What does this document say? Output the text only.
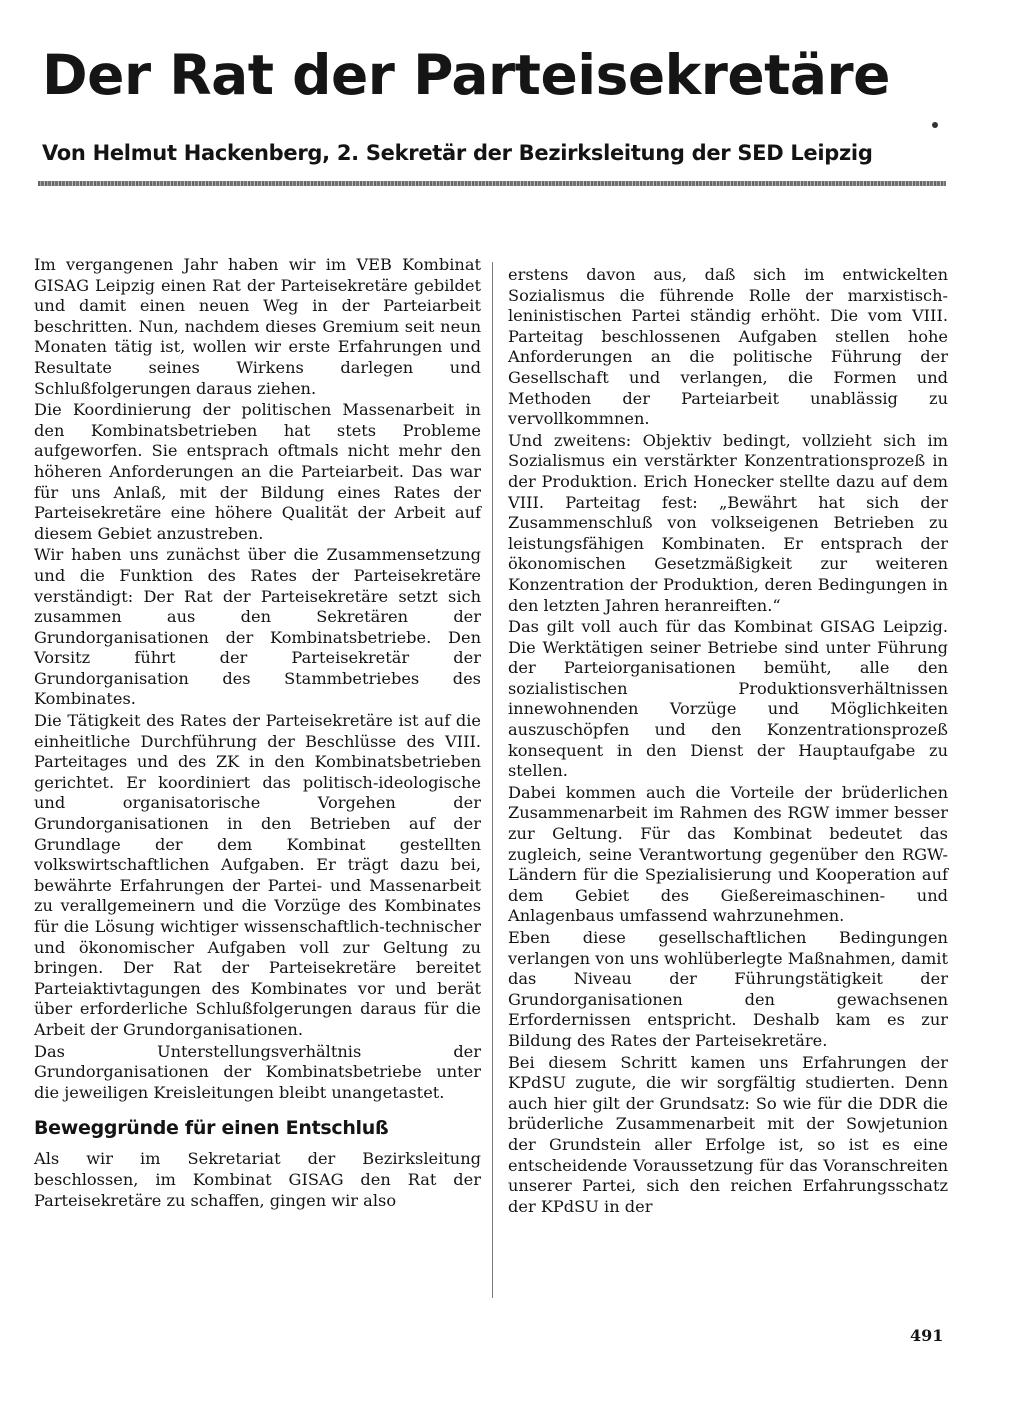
Der Rat der Parteisekretäre
Von Helmut Hackenberg, 2. Sekretär der Bezirksleitung der SED Leipzig

Im vergangenen Jahr haben wir im VEB Kombinat GISAG Leipzig einen Rat der Parteisekretäre gebildet und damit einen neuen Weg in der Parteiarbeit beschritten. Nun, nachdem dieses Gremium seit neun Monaten tätig ist, wollen wir erste Erfahrungen und Resultate seines Wirkens darlegen und Schlußfolgerungen daraus ziehen.

Die Koordinierung der politischen Massenarbeit in den Kombinatsbetrieben hat stets Probleme aufgeworfen. Sie entsprach oftmals nicht mehr den höheren Anforderungen an die Parteiarbeit. Das war für uns Anlaß, mit der Bildung eines Rates der Parteisekretäre eine höhere Qualität der Arbeit auf diesem Gebiet anzustreben.

Wir haben uns zunächst über die Zusammensetzung und die Funktion des Rates der Parteisekretäre verständigt: Der Rat der Parteisekretäre setzt sich zusammen aus den Sekretären der Grundorganisationen der Kombinatsbetriebe. Den Vorsitz führt der Parteisekretär der Grundorganisation des Stammbetriebes des Kombinates.

Die Tätigkeit des Rates der Parteisekretäre ist auf die einheitliche Durchführung der Beschlüsse des VIII. Parteitages und des ZK in den Kombinatsbetrieben gerichtet. Er koordiniert das politisch-ideologische und organisatorische Vorgehen der Grundorganisationen in den Betrieben auf der Grundlage der dem Kombinat gestellten volkswirtschaftlichen Aufgaben. Er trägt dazu bei, bewährte Erfahrungen der Partei- und Massenarbeit zu verallgemeinern und die Vorzüge des Kombinates für die Lösung wichtiger wissenschaftlich-technischer und ökonomischer Aufgaben voll zur Geltung zu bringen. Der Rat der Parteisekretäre bereitet Parteiaktivtagungen des Kombinates vor und berät über erforderliche Schlußfolgerungen daraus für die Arbeit der Grundorganisationen.

Das Unterstellungsverhältnis der Grundorganisationen der Kombinatsbetriebe unter die jeweiligen Kreisleitungen bleibt unangetastet.

Beweggründe für einen Entschluß

Als wir im Sekretariat der Bezirksleitung beschlossen, im Kombinat GISAG den Rat der Parteisekretäre zu schaffen, gingen wir also

erstens davon aus, daß sich im entwickelten Sozialismus die führende Rolle der marxistisch-leninistischen Partei ständig erhöht. Die vom VIII. Parteitag beschlossenen Aufgaben stellen hohe Anforderungen an die politische Führung der Gesellschaft und verlangen, die Formen und Methoden der Parteiarbeit unablässig zu vervollkommnen.

Und zweitens: Objektiv bedingt, vollzieht sich im Sozialismus ein verstärkter Konzentrationsprozeß in der Produktion. Erich Honecker stellte dazu auf dem VIII. Parteitag fest: „Bewährt hat sich der Zusammenschluß von volkseigenen Betrieben zu leistungsfähigen Kombinaten. Er entsprach der ökonomischen Gesetzmäßigkeit zur weiteren Konzentration der Produktion, deren Bedingungen in den letzten Jahren heranreiften.“

Das gilt voll auch für das Kombinat GISAG Leipzig. Die Werktätigen seiner Betriebe sind unter Führung der Parteiorganisationen bemüht, alle den sozialistischen Produktionsverhältnissen innewohnenden Vorzüge und Möglichkeiten auszuschöpfen und den Konzentrationsprozeß konsequent in den Dienst der Hauptaufgabe zu stellen.

Dabei kommen auch die Vorteile der brüderlichen Zusammenarbeit im Rahmen des RGW immer besser zur Geltung. Für das Kombinat bedeutet das zugleich, seine Verantwortung gegenüber den RGW-Ländern für die Spezialisierung und Kooperation auf dem Gebiet des Gießereimaschinen- und Anlagenbaus umfassend wahrzunehmen.

Eben diese gesellschaftlichen Bedingungen verlangen von uns wohlüberlegte Maßnahmen, damit das Niveau der Führungstätigkeit der Grundorganisationen den gewachsenen Erfordernissen entspricht. Deshalb kam es zur Bildung des Rates der Parteisekretäre.

Bei diesem Schritt kamen uns Erfahrungen der KPdSU zugute, die wir sorgfältig studierten. Denn auch hier gilt der Grundsatz: So wie für die DDR die brüderliche Zusammenarbeit mit der Sowjetunion der Grundstein aller Erfolge ist, so ist es eine entscheidende Voraussetzung für das Voranschreiten unserer Partei, sich den reichen Erfahrungsschatz der KPdSU in der

491
